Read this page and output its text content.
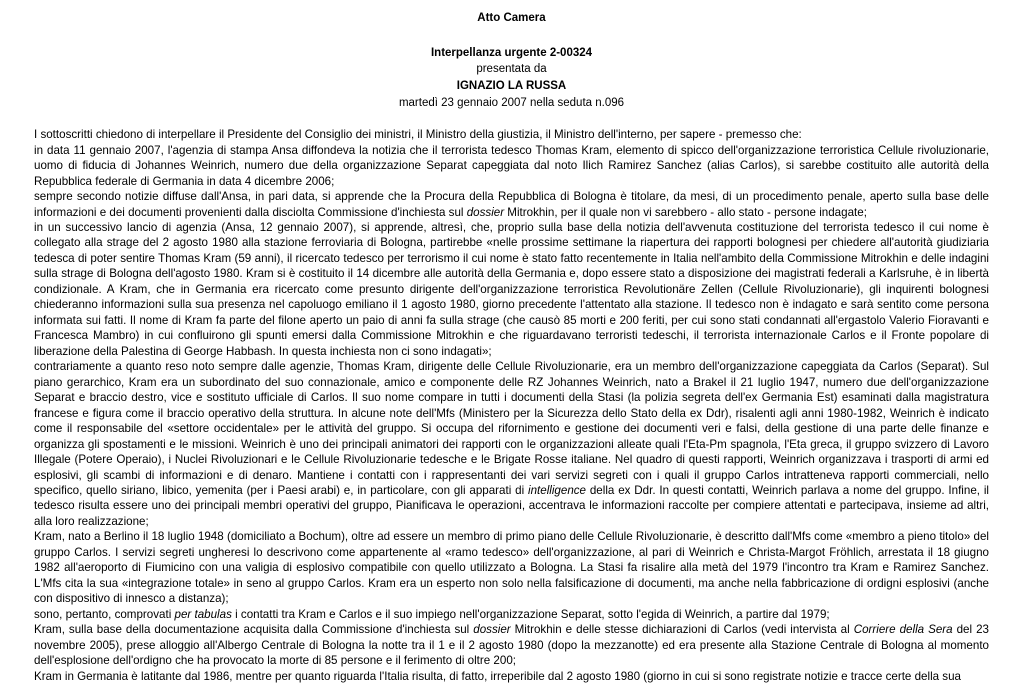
Atto Camera
Interpellanza urgente 2-00324
presentata da
IGNAZIO LA RUSSA
martedì 23 gennaio 2007 nella seduta n.096

I sottoscritti chiedono di interpellare il Presidente del Consiglio dei ministri, il Ministro della giustizia, il Ministro dell'interno, per sapere - premesso che:

in data 11 gennaio 2007, l'agenzia di stampa Ansa diffondeva la notizia che il terrorista tedesco Thomas Kram, elemento di spicco dell'organizzazione terroristica Cellule rivoluzionarie, uomo di fiducia di Johannes Weinrich, numero due della organizzazione Separat capeggiata dal noto Ilich Ramirez Sanchez (alias Carlos), si sarebbe costituito alle autorità della Repubblica federale di Germania in data 4 dicembre 2006;

sempre secondo notizie diffuse dall'Ansa, in pari data, si apprende che la Procura della Repubblica di Bologna è titolare, da mesi, di un procedimento penale, aperto sulla base delle informazioni e dei documenti provenienti dalla disciolta Commissione d'inchiesta sul dossier Mitrokhin, per il quale non vi sarebbero - allo stato - persone indagate;

in un successivo lancio di agenzia (Ansa, 12 gennaio 2007), si apprende, altresì, che, proprio sulla base della notizia dell'avvenuta costituzione del terrorista tedesco il cui nome è collegato alla strage del 2 agosto 1980 alla stazione ferroviaria di Bologna, partirebbe «nelle prossime settimane la riapertura dei rapporti bolognesi per chiedere all'autorità giudiziaria tedesca di poter sentire Thomas Kram (59 anni), il ricercato tedesco per terrorismo il cui nome è stato fatto recentemente in Italia nell'ambito della Commissione Mitrokhin e delle indagini sulla strage di Bologna dell'agosto 1980. Kram si è costituito il 14 dicembre alle autorità della Germania e, dopo essere stato a disposizione dei magistrati federali a Karlsruhe, è in libertà condizionale. A Kram, che in Germania era ricercato come presunto dirigente dell'organizzazione terroristica Revolutionäre Zellen (Cellule Rivoluzionarie), gli inquirenti bolognesi chiederanno informazioni sulla sua presenza nel capoluogo emiliano il 1 agosto 1980, giorno precedente l'attentato alla stazione. Il tedesco non è indagato e sarà sentito come persona informata sui fatti. Il nome di Kram fa parte del filone aperto un paio di anni fa sulla strage (che causò 85 morti e 200 feriti, per cui sono stati condannati all'ergastolo Valerio Fioravanti e Francesca Mambro) in cui confluirono gli spunti emersi dalla Commissione Mitrokhin e che riguardavano terroristi tedeschi, il terrorista internazionale Carlos e il Fronte popolare di liberazione della Palestina di George Habbash. In questa inchiesta non ci sono indagati»;

contrariamente a quanto reso noto sempre dalle agenzie, Thomas Kram, dirigente delle Cellule Rivoluzionarie, era un membro dell'organizzazione capeggiata da Carlos (Separat). Sul piano gerarchico, Kram era un subordinato del suo connazionale, amico e componente delle RZ Johannes Weinrich, nato a Brakel il 21 luglio 1947, numero due dell'organizzazione Separat e braccio destro, vice e sostituto ufficiale di Carlos. Il suo nome compare in tutti i documenti della Stasi (la polizia segreta dell'ex Germania Est) esaminati dalla magistratura francese e figura come il braccio operativo della struttura. In alcune note dell'Mfs (Ministero per la Sicurezza dello Stato della ex Ddr), risalenti agli anni 1980-1982, Weinrich è indicato come il responsabile del «settore occidentale» per le attività del gruppo. Si occupa del rifornimento e gestione dei documenti veri e falsi, della gestione di una parte delle finanze e organizza gli spostamenti e le missioni. Weinrich è uno dei principali animatori dei rapporti con le organizzazioni alleate quali l'Eta-Pm spagnola, l'Eta greca, il gruppo svizzero di Lavoro Illegale (Potere Operaio), i Nuclei Rivoluzionari e le Cellule Rivoluzionarie tedesche e le Brigate Rosse italiane. Nel quadro di questi rapporti, Weinrich organizzava i trasporti di armi ed esplosivi, gli scambi di informazioni e di denaro. Mantiene i contatti con i rappresentanti dei vari servizi segreti con i quali il gruppo Carlos intratteneva rapporti commerciali, nello specifico, quello siriano, libico, yemenita (per i Paesi arabi) e, in particolare, con gli apparati di intelligence della ex Ddr. In questi contatti, Weinrich parlava a nome del gruppo. Infine, il tedesco risulta essere uno dei principali membri operativi del gruppo, Pianificava le operazioni, accentrava le informazioni raccolte per compiere attentati e partecipava, insieme ad altri, alla loro realizzazione;

Kram, nato a Berlino il 18 luglio 1948 (domiciliato a Bochum), oltre ad essere un membro di primo piano delle Cellule Rivoluzionarie, è descritto dall'Mfs come «membro a pieno titolo» del gruppo Carlos. I servizi segreti ungheresi lo descrivono come appartenente al «ramo tedesco» dell'organizzazione, al pari di Weinrich e Christa-Margot Fröhlich, arrestata il 18 giugno 1982 all'aeroporto di Fiumicino con una valigia di esplosivo compatibile con quello utilizzato a Bologna. La Stasi fa risalire alla metà del 1979 l'incontro tra Kram e Ramirez Sanchez. L'Mfs cita la sua «integrazione totale» in seno al gruppo Carlos. Kram era un esperto non solo nella falsificazione di documenti, ma anche nella fabbricazione di ordigni esplosivi (anche con dispositivo di innesco a distanza);

sono, pertanto, comprovati per tabulas i contatti tra Kram e Carlos e il suo impiego nell'organizzazione Separat, sotto l'egida di Weinrich, a partire dal 1979;

Kram, sulla base della documentazione acquisita dalla Commissione d'inchiesta sul dossier Mitrokhin e delle stesse dichiarazioni di Carlos (vedi intervista al Corriere della Sera del 23 novembre 2005), prese alloggio all'Albergo Centrale di Bologna la notte tra il 1 e il 2 agosto 1980 (dopo la mezzanotte) ed era presente alla Stazione Centrale di Bologna al momento dell'esplosione dell'ordigno che ha provocato la morte di 85 persone e il ferimento di oltre 200;

Kram in Germania è latitante dal 1986, mentre per quanto riguarda l'Italia risulta, di fatto, irreperibile dal 2 agosto 1980 (giorno in cui si sono registrate notizie e tracce certe della sua
